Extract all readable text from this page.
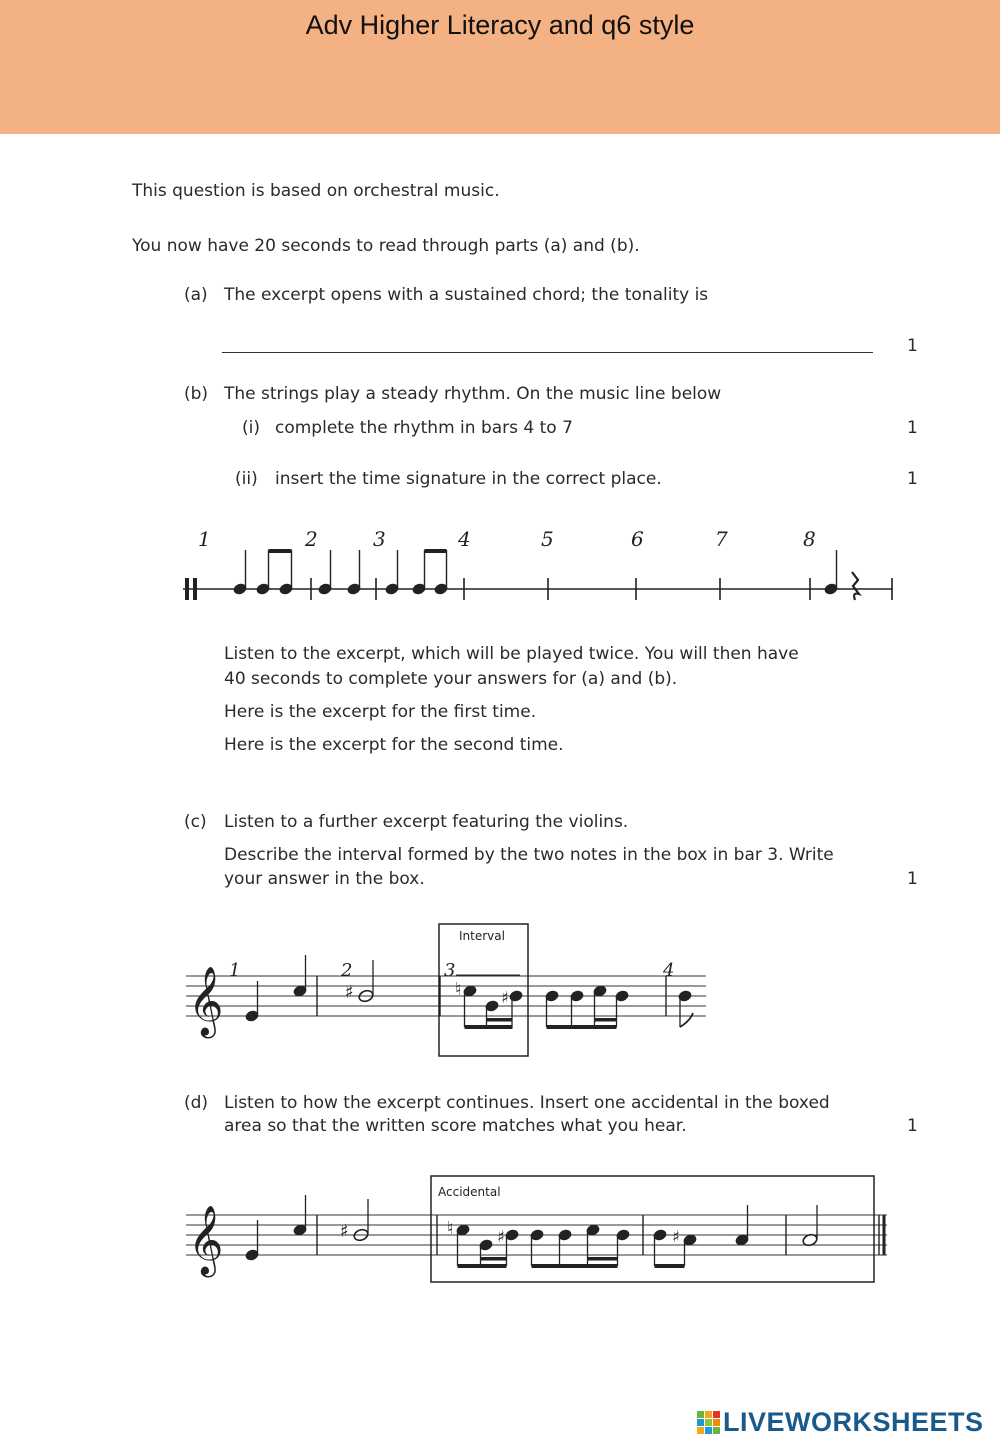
Adv Higher Literacy and q6 style
This question is based on orchestral music.
You now have 20 seconds to read through parts (a) and (b).
(a) The excerpt opens with a sustained chord; the tonality is
1
(b) The strings play a steady rhythm. On the music line below
(i) complete the rhythm in bars 4 to 7	1
(ii) insert the time signature in the correct place.	1
1	2	3	4	5	6	7	8
Listen to the excerpt, which will be played twice. You will then have
40 seconds to complete your answers for (a) and (b).
Here is the excerpt for the first time.
Here is the excerpt for the second time.
(c) Listen to a further excerpt featuring the violins.
Describe the interval formed by the two notes in the box in bar 3. Write
your answer in the box.	1
𝄞 1	2	3	4
♯	♮ ♯
Interval
(d) Listen to how the excerpt continues. Insert one accidental in the boxed
area so that the written score matches what you hear.	1
𝄞	♯	♮	♯	♯
Accidental
LIVEWORKSHEETS
